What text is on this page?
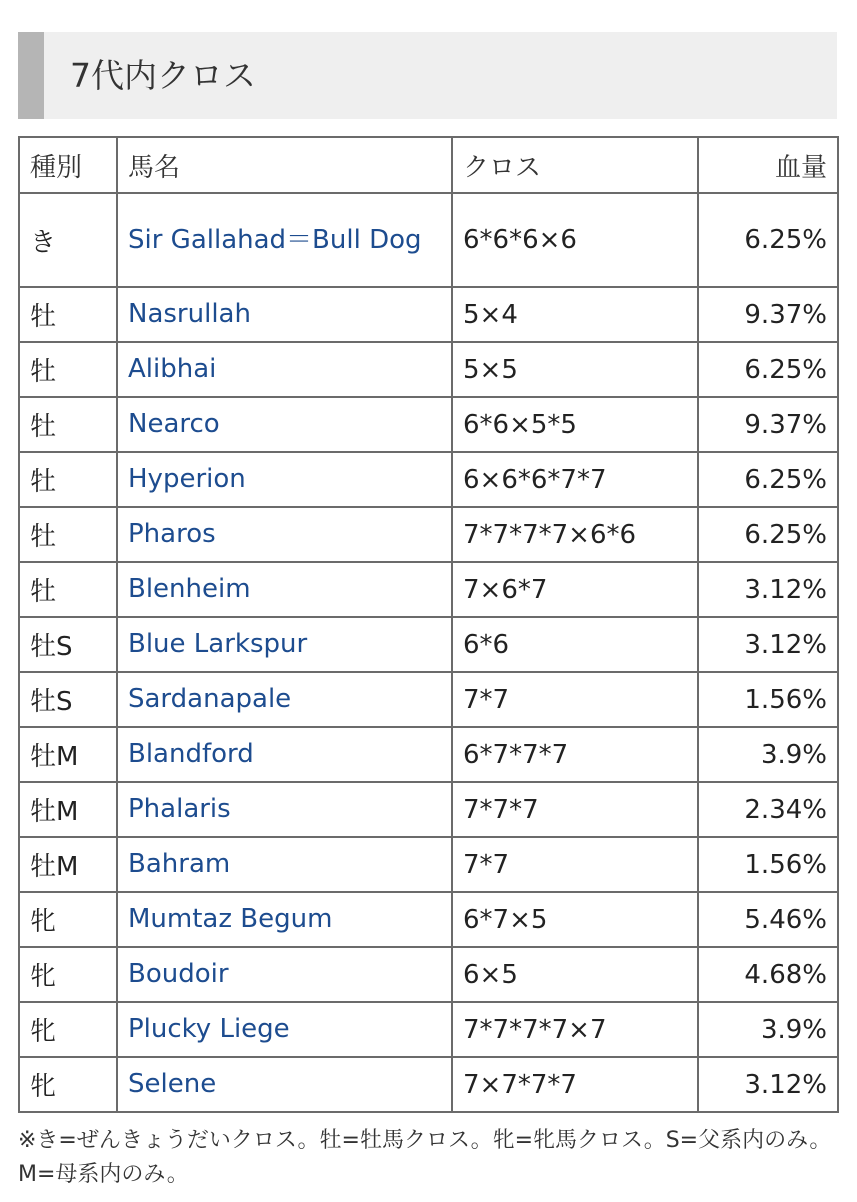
7代内クロス
種別	馬名	クロス	血量
き	Sir Gallahad＝Bull Dog	6*6*6×6	6.25%
牡	Nasrullah	5×4	9.37%
牡	Alibhai	5×5	6.25%
牡	Nearco	6*6×5*5	9.37%
牡	Hyperion	6×6*6*7*7	6.25%
牡	Pharos	7*7*7*7×6*6	6.25%
牡	Blenheim	7×6*7	3.12%
牡S	Blue Larkspur	6*6	3.12%
牡S	Sardanapale	7*7	1.56%
牡M	Blandford	6*7*7*7	3.9%
牡M	Phalaris	7*7*7	2.34%
牡M	Bahram	7*7	1.56%
牝	Mumtaz Begum	6*7×5	5.46%
牝	Boudoir	6×5	4.68%
牝	Plucky Liege	7*7*7*7×7	3.9%
牝	Selene	7×7*7*7	3.12%

※き=ぜんきょうだいクロス。牡=牡馬クロス。牝=牝馬クロス。S=父系内のみ。M=母系内のみ。
